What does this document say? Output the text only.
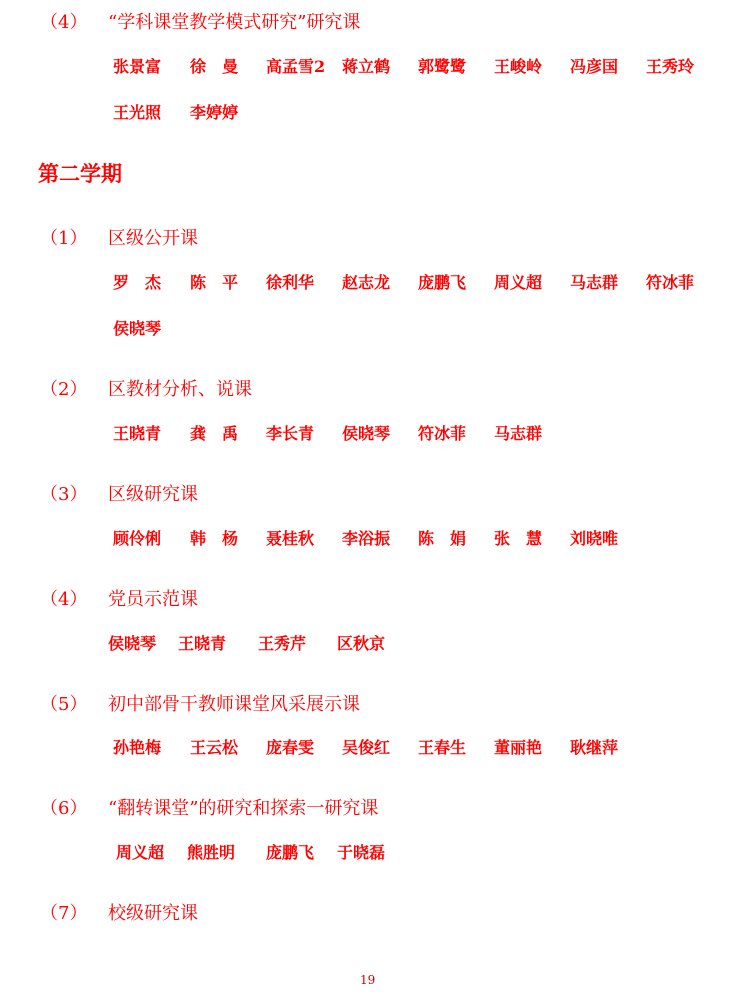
（4） “学科课堂教学模式研究”研究课
张景富 徐　曼 高孟雪2 蒋立鹤 郭鹭鹭 王峻岭 冯彦国 王秀玲
王光照 李婷婷
第二学期
（1） 区级公开课
罗　杰 陈　平 徐利华 赵志龙 庞鹏飞 周义超 马志群 符冰菲
侯晓琴
（2） 区教材分析、说课
王晓青 龚　禹 李长青 侯晓琴 符冰菲 马志群
（3） 区级研究课
顾伶俐 韩　杨 聂桂秋 李浴振 陈　娟 张　慧 刘晓唯
（4） 党员示范课
侯晓琴 王晓青 王秀芹 区秋京
（5） 初中部骨干教师课堂风采展示课
孙艳梅 王云松 庞春雯 吴俊红 王春生 董丽艳 耿继萍
（6） “翻转课堂”的研究和探索一研究课
周义超 熊胜明 庞鹏飞 于晓磊
（7） 校级研究课
19
